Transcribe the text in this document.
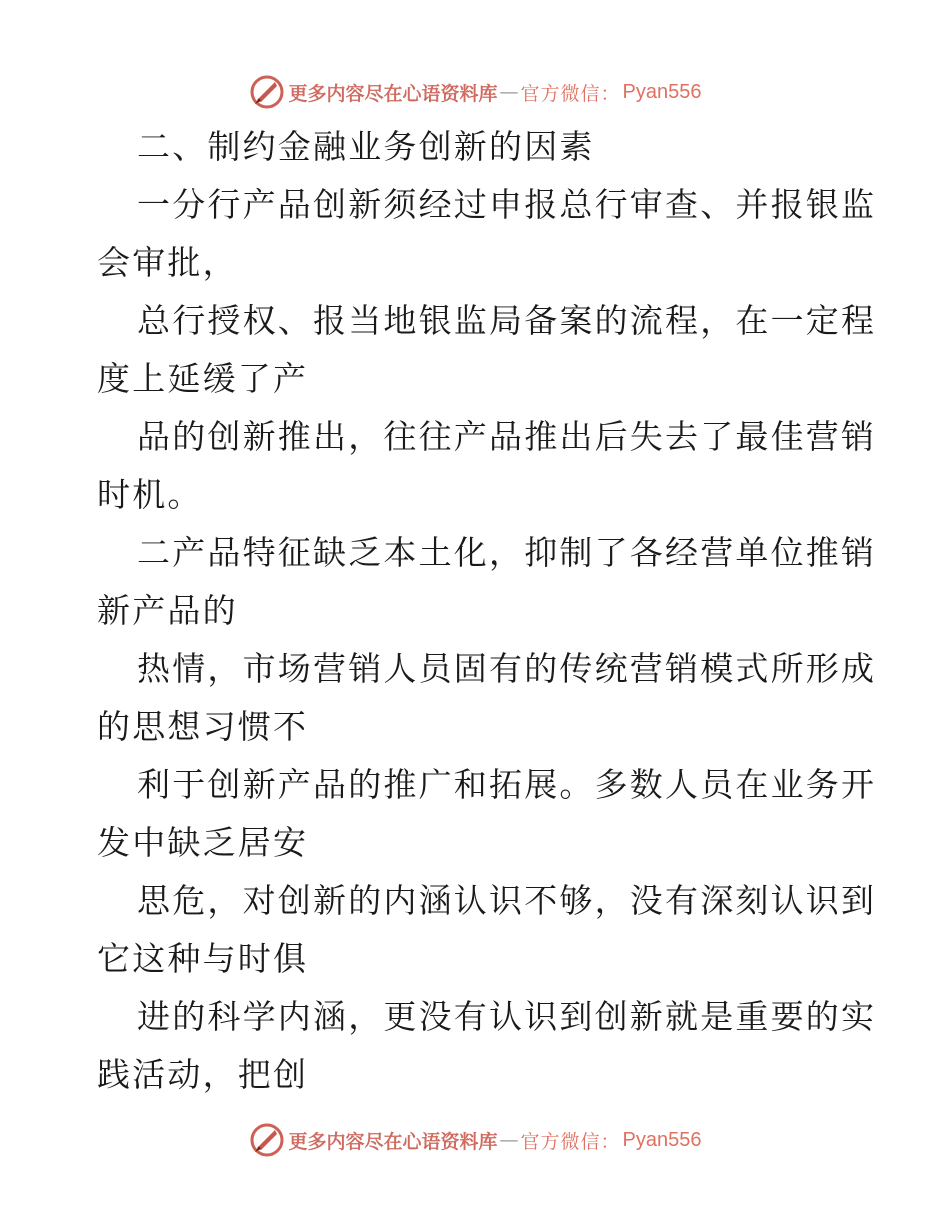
更多内容尽在心语资料库 — 官方微信： Pyan556
二、制约金融业务创新的因素
一分行产品创新须经过申报总行审查、并报银监
会审批，
总行授权、报当地银监局备案的流程，在一定程
度上延缓了产
品的创新推出，往往产品推出后失去了最佳营销
时机。
二产品特征缺乏本土化，抑制了各经营单位推销
新产品的
热情，市场营销人员固有的传统营销模式所形成
的思想习惯不
利于创新产品的推广和拓展。多数人员在业务开
发中缺乏居安
思危，对创新的内涵认识不够，没有深刻认识到
它这种与时俱
进的科学内涵，更没有认识到创新就是重要的实
践活动，把创
更多内容尽在心语资料库 — 官方微信： Pyan556
